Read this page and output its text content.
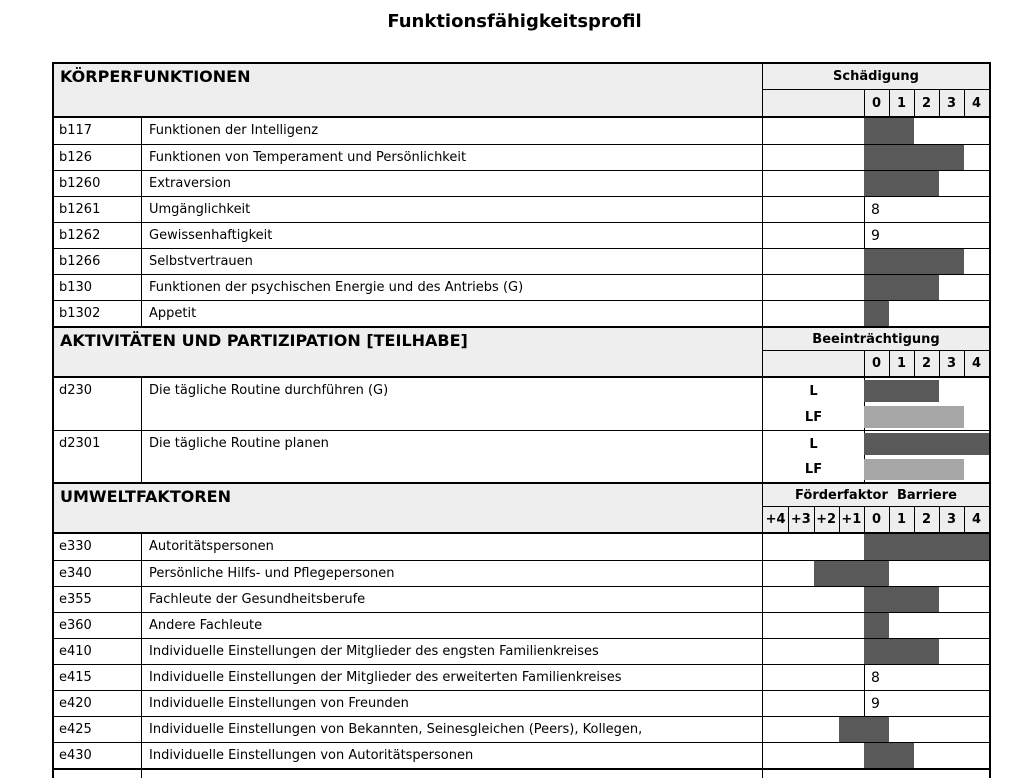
Funktionsfähigkeitsprofil
KÖRPERFUNKTIONEN	Schädigung
0	1	2	3	4
b117	Funktionen der Intelligenz
b126	Funktionen von Temperament und Persönlichkeit
b1260	Extraversion
b1261	Umgänglichkeit	8
b1262	Gewissenhaftigkeit	9
b1266	Selbstvertrauen
b130	Funktionen der psychischen Energie und des Antriebs (G)
b1302	Appetit
AKTIVITÄTEN UND PARTIZIPATION [TEILHABE]	Beeinträchtigung
0	1	2	3	4
d230	Die tägliche Routine durchführen (G)	L
LF
d2301	Die tägliche Routine planen	L
LF
UMWELTFAKTOREN	Förderfaktor  Barriere
+4 +3 +2 +1 0	1	2	3	4
e330	Autoritätspersonen
e340	Persönliche Hilfs- und Pflegepersonen
e355	Fachleute der Gesundheitsberufe
e360	Andere Fachleute
e410	Individuelle Einstellungen der Mitglieder des engsten Familienkreises
e415	Individuelle Einstellungen der Mitglieder des erweiterten Familienkreises	8
e420	Individuelle Einstellungen von Freunden	9
e425	Individuelle Einstellungen von Bekannten, Seinesgleichen (Peers), Kollegen,
e430	Individuelle Einstellungen von Autoritätspersonen
